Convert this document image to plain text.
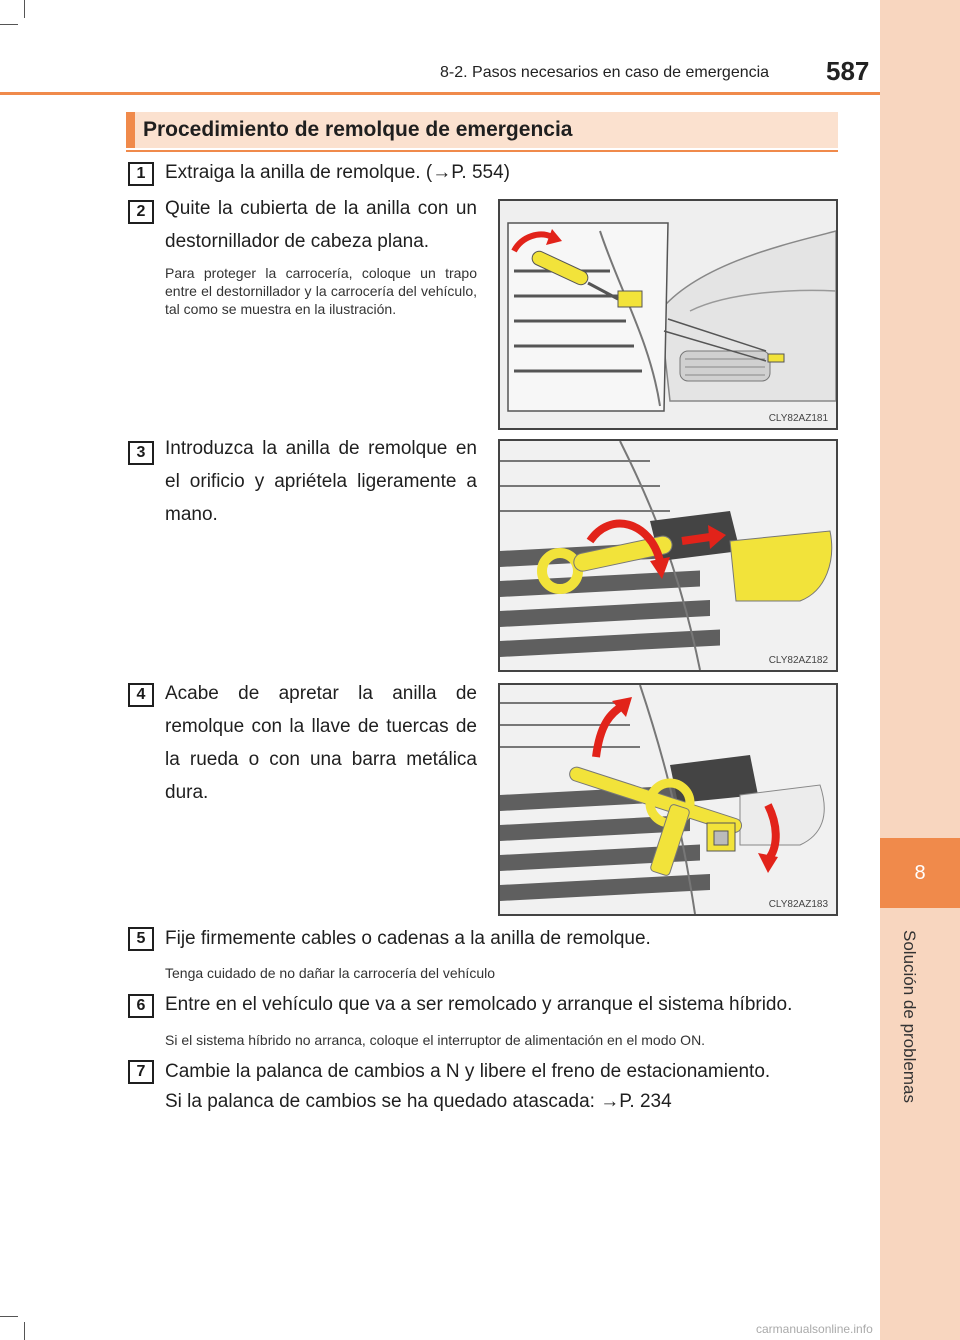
8
Solución de problemas
8-2. Pasos necesarios en caso de emergencia 587
Procedimiento de remolque de emergencia
1	Extraiga la anilla de remolque. (→P. 554)
2	Quite la cubierta de la anilla con un destornillador de cabeza plana.
Para proteger la carrocería, coloque un trapo entre el destornillador y la carrocería del vehículo, tal como se muestra en la ilustración.
CLY82AZ181
3	Introduzca la anilla de remolque en el orificio y apriétela ligeramente a mano.
CLY82AZ182
4	Acabe de apretar la anilla de remolque con la llave de tuercas de la rueda o con una barra metálica dura.
CLY82AZ183
5	Fije firmemente cables o cadenas a la anilla de remolque.
Tenga cuidado de no dañar la carrocería del vehículo
6	Entre en el vehículo que va a ser remolcado y arranque el sistema híbrido.
Si el sistema híbrido no arranca, coloque el interruptor de alimentación en el modo ON.
7	Cambie la palanca de cambios a N y libere el freno de estacionamiento.
Si la palanca de cambios se ha quedado atascada: →P. 234
carmanualsonline.info
